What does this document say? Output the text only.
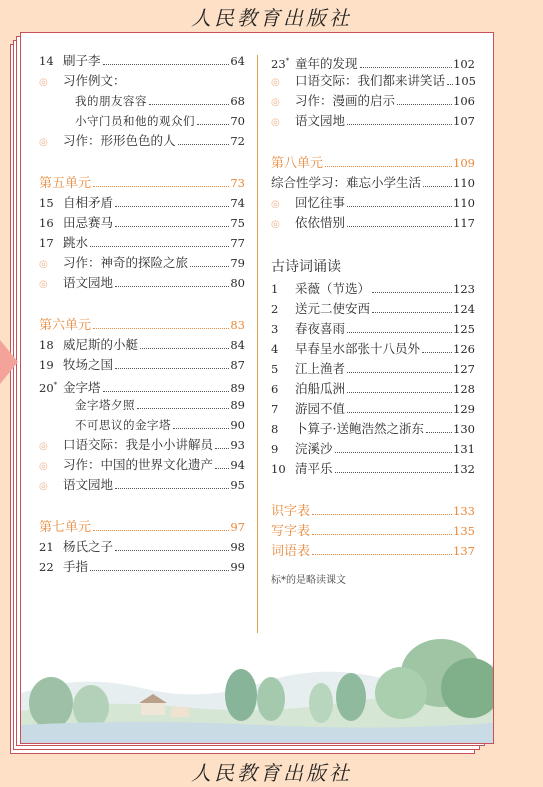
人民教育出版社
14 刷子李	64
◎	习作例文：
我的朋友容容	68
小守门员和他的观众们	70
◎	习作：形形色色的人	72
第五单元	73
15 自相矛盾	74
16 田忌赛马	75
17 跳水	77
◎	习作：神奇的探险之旅	79
◎	语文园地	80
第六单元	83
18 威尼斯的小艇	84
19 牧场之国	87
20* 金字塔	89
金字塔夕照	89
不可思议的金字塔	90
◎	口语交际：我是小小讲解员 93
◎	习作：中国的世界文化遗产 94
◎	语文园地	95
第七单元	97
21 杨氏之子	98
22 手指	99
23* 童年的发现	102
◎	口语交际：我们都来讲笑话 105
◎	习作：漫画的启示	106
◎	语文园地	107
第八单元	109
综合性学习：难忘小学生活	110
◎	回忆往事	110
◎	依依惜别	117
古诗词诵读
1	采薇（节选）	123
2	送元二使安西	124
3	春夜喜雨	125
4	早春呈水部张十八员外	126
5	江上渔者	127
6	泊船瓜洲	128
7	游园不值	129
8	卜算子·送鲍浩然之浙东	130
9	浣溪沙	131
10 清平乐	132
识字表	133
写字表	135
词语表	137
标*的是略读课文
人民教育出版社
